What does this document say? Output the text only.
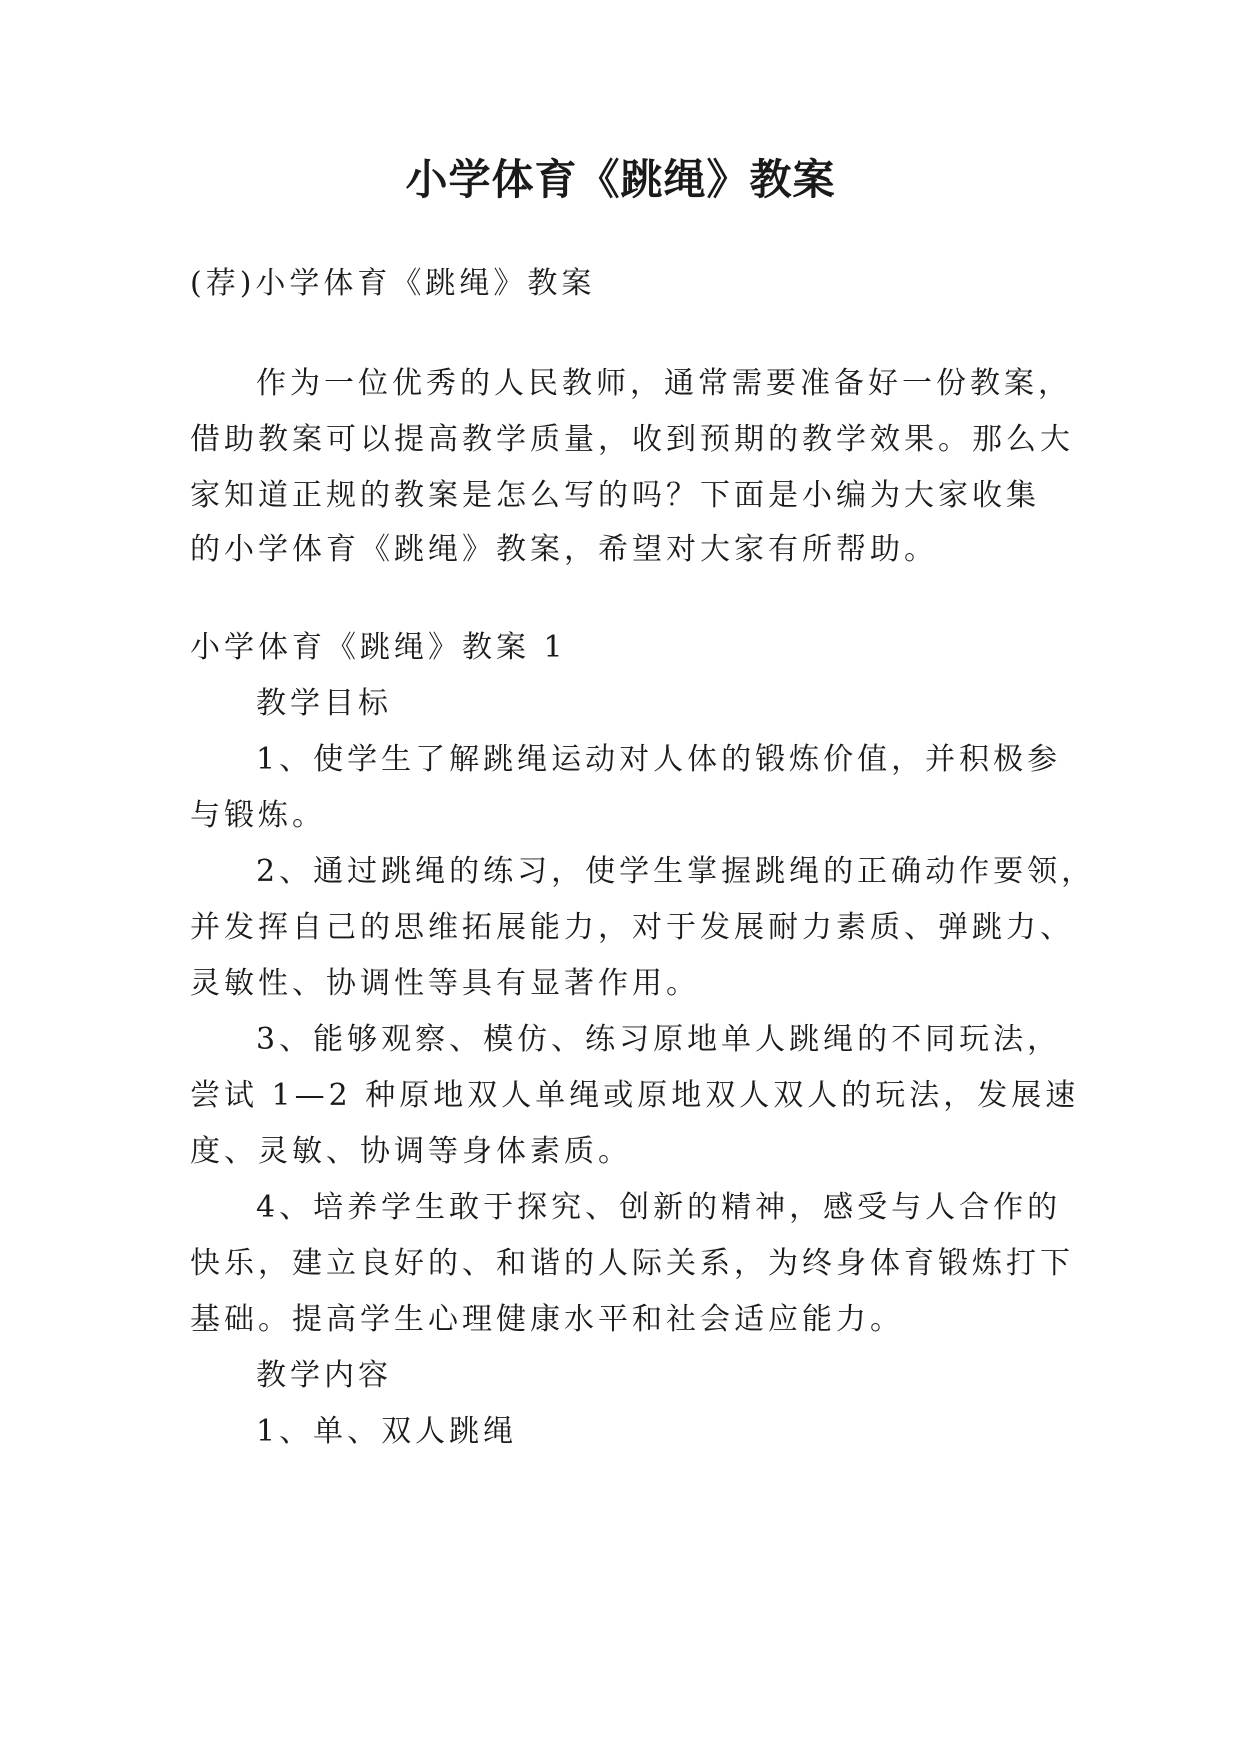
小学体育《跳绳》教案

(荐)小学体育《跳绳》教案

作为一位优秀的人民教师，通常需要准备好一份教案，

借助教案可以提高教学质量，收到预期的教学效果。那么大

家知道正规的教案是怎么写的吗？下面是小编为大家收集

的小学体育《跳绳》教案，希望对大家有所帮助。

小学体育《跳绳》教案 1

教学目标

1、使学生了解跳绳运动对人体的锻炼价值，并积极参

与锻炼。

2、通过跳绳的练习，使学生掌握跳绳的正确动作要领，

并发挥自己的思维拓展能力，对于发展耐力素质、弹跳力、

灵敏性、协调性等具有显著作用。

3、能够观察、模仿、练习原地单人跳绳的不同玩法，

尝试 1—2 种原地双人单绳或原地双人双人的玩法，发展速

度、灵敏、协调等身体素质。

4、培养学生敢于探究、创新的精神，感受与人合作的

快乐，建立良好的、和谐的人际关系，为终身体育锻炼打下

基础。提高学生心理健康水平和社会适应能力。

教学内容

1、单、双人跳绳
